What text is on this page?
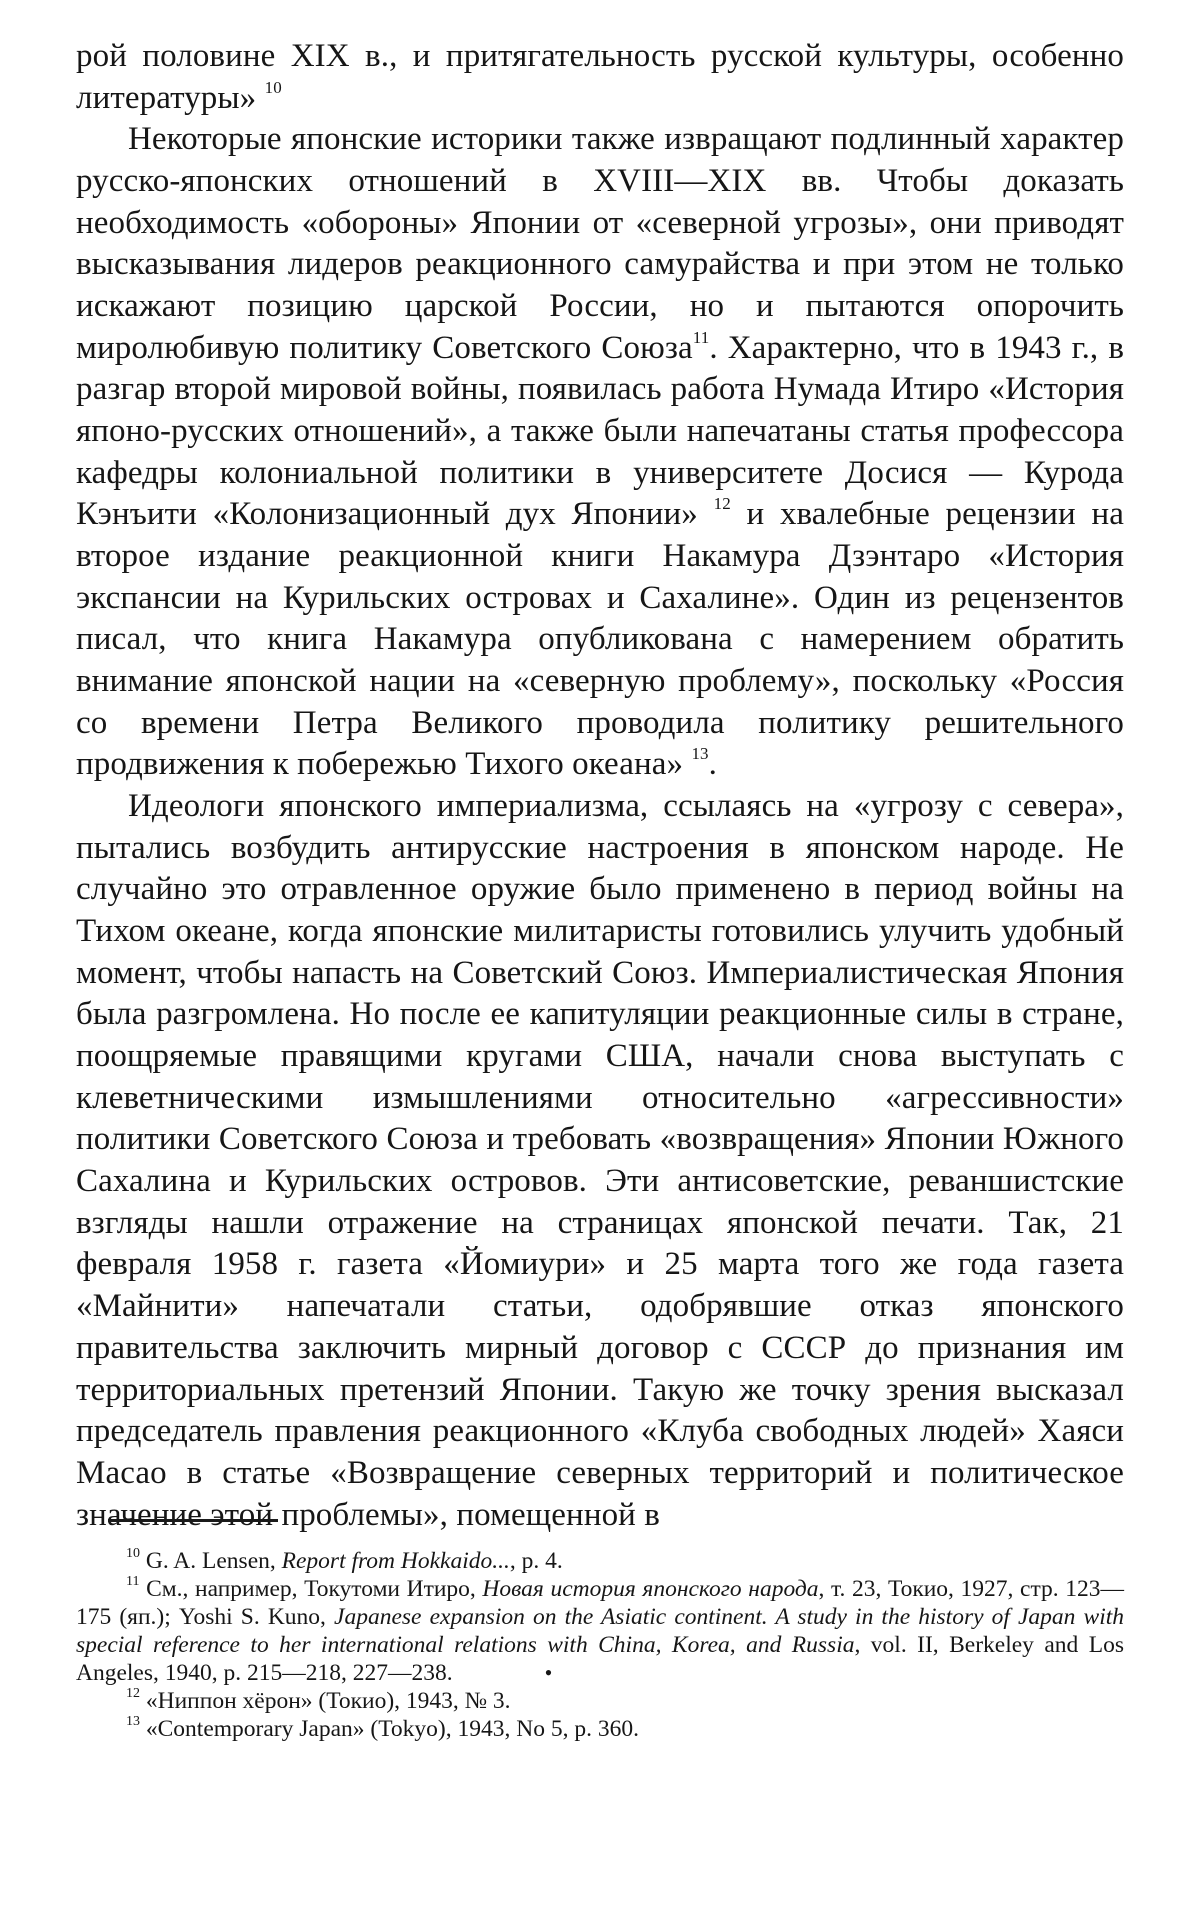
рой половине XIX в., и притягательность русской культуры, особенно литературы» $^{10}$

Некоторые японские историки также извращают подлинный характер русско-японских отношений в XVIII—XIX вв. Чтобы доказать необходимость «обороны» Японии от «северной угрозы», они приводят высказывания лидеров реакционного самурайства и при этом не только искажают позицию царской России, но и пытаются опорочить миролюбивую политику Советского Союза$^{11}$. Характерно, что в 1943 г., в разгар второй мировой войны, появилась работа Нумада Итиро «История японо-русских отношений», а также были напечатаны статья профессора кафедры колониальной политики в университете Досися — Курода Кэнъити «Колонизационный дух Японии» $^{12}$ и хвалебные рецензии на второе издание реакционной книги Накамура Дзэнтаро «История экспансии на Курильских островах и Сахалине». Один из рецензентов писал, что книга Накамура опубликована с намерением обратить внимание японской нации на «северную проблему», поскольку «Россия со времени Петра Великого проводила политику решительного продвижения к побережью Тихого океана» $^{13}$.

Идеологи японского империализма, ссылаясь на «угрозу с севера», пытались возбудить антирусские настроения в японском народе. Не случайно это отравленное оружие было применено в период войны на Тихом океане, когда японские милитаристы готовились улучить удобный момент, чтобы напасть на Советский Союз. Империалистическая Япония была разгромлена. Но после ее капитуляции реакционные силы в стране, поощряемые правящими кругами США, начали снова выступать с клеветническими измышлениями относительно «агрессивности» политики Советского Союза и требовать «возвращения» Японии Южного Сахалина и Курильских островов. Эти антисоветские, реваншистские взгляды нашли отражение на страницах японской печати. Так, 21 февраля 1958 г. газета «Йомиури» и 25 марта того же года газета «Майнити» напечатали статьи, одобрявшие отказ японского правительства заключить мирный договор с СССР до признания им территориальных претензий Японии. Такую же точку зрения высказал председатель правления реакционного «Клуба свободных людей» Хаяси Масао в статье «Возвращение северных территорий и политическое значение этой проблемы», помещенной в

$^{10}$ G. A. Lensen, Report from Hokkaido..., p. 4.

$^{11}$ См., например, Токутоми Итиро, Новая история японского народа, т. 23, Токио, 1927, стр. 123—175 (яп.); Yoshi S. Kuno, Japanese expansion on the Asiatic continent. A study in the history of Japan with special reference to her international relations with China, Korea, and Russia, vol. II, Berkeley and Los Angeles, 1940, p. 215—218, 227—238.	•

$^{12}$ «Ниппон хёрон» (Токио), 1943, № 3.

$^{13}$ «Contemporary Japan» (Tokyo), 1943, No 5, p. 360.
